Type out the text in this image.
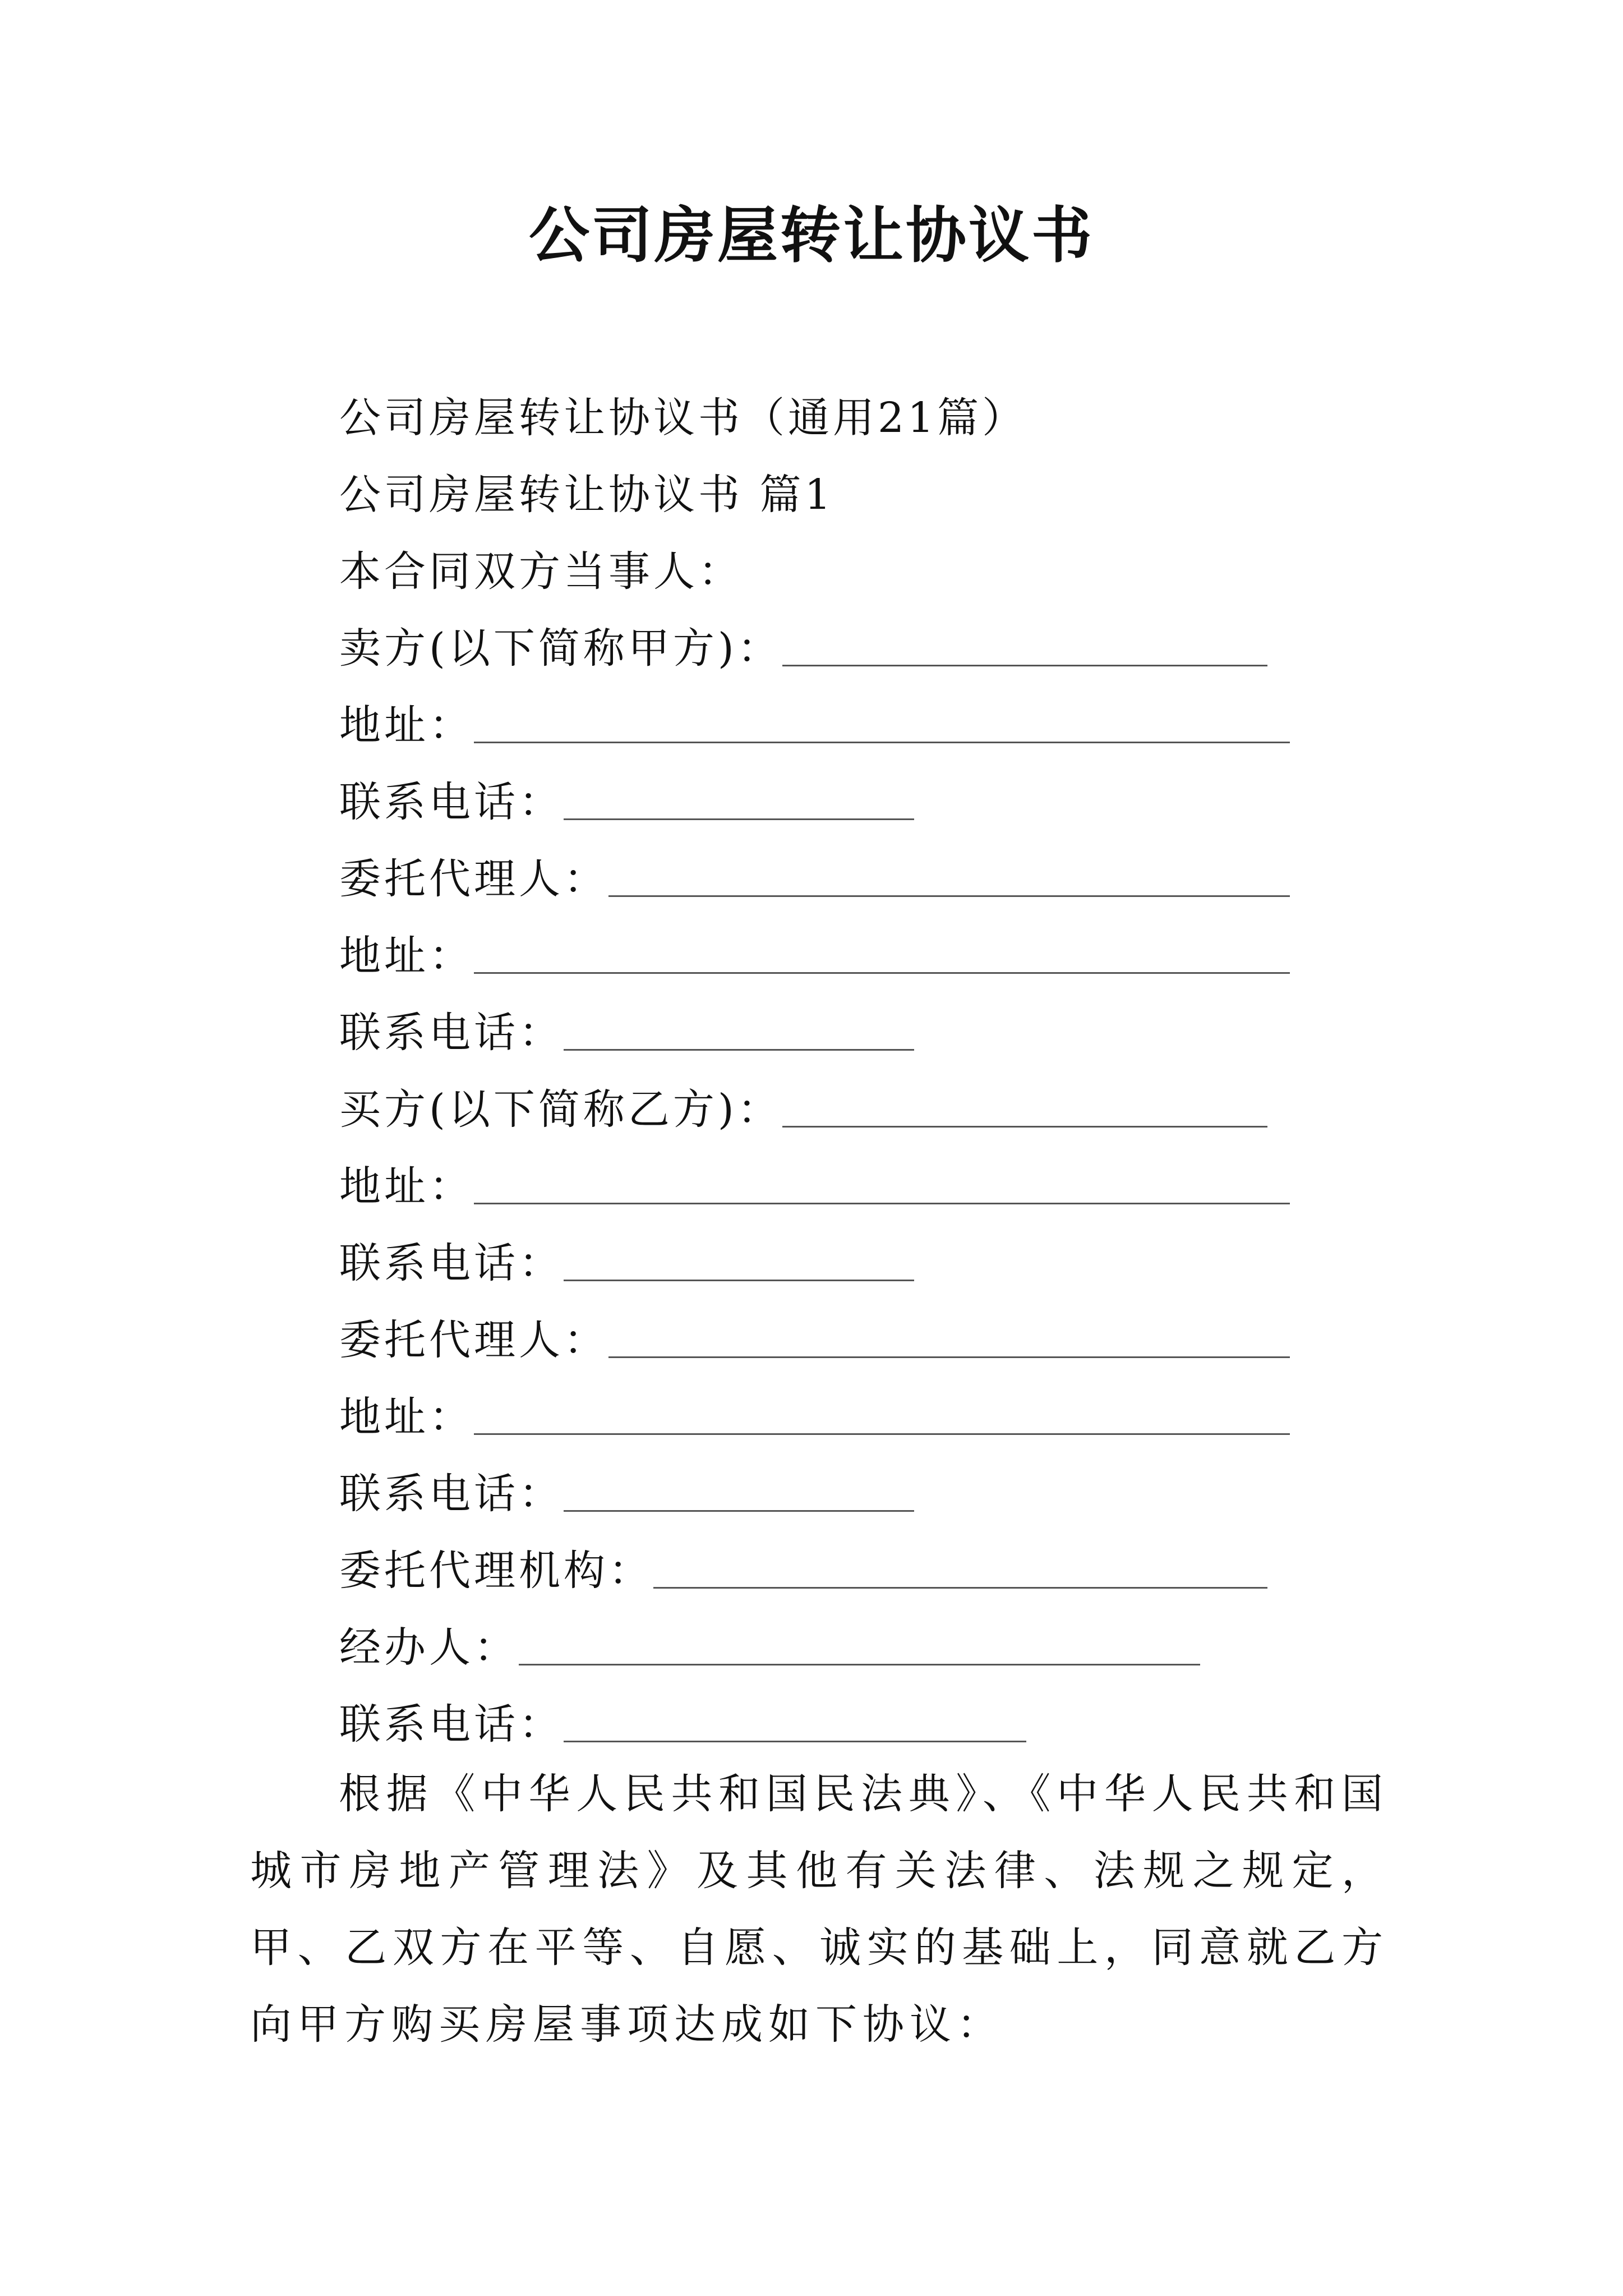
公司房屋转让协议书
公司房屋转让协议书（通用21篇）
公司房屋转让协议书 篇1
本合同双方当事人：
卖方(以下简称甲方)：
地址：
联系电话：
委托代理人：
地址：
联系电话：
买方(以下简称乙方)：
地址：
联系电话：
委托代理人：
地址：
联系电话：
委托代理机构：
经办人：
联系电话：
根据《中华人民共和国民法典》、《中华人民共和国城市房地产管理法》及其他有关法律、法规之规定，甲、乙双方在平等、自愿、诚实的基础上，同意就乙方向甲方购买房屋事项达成如下协议：
